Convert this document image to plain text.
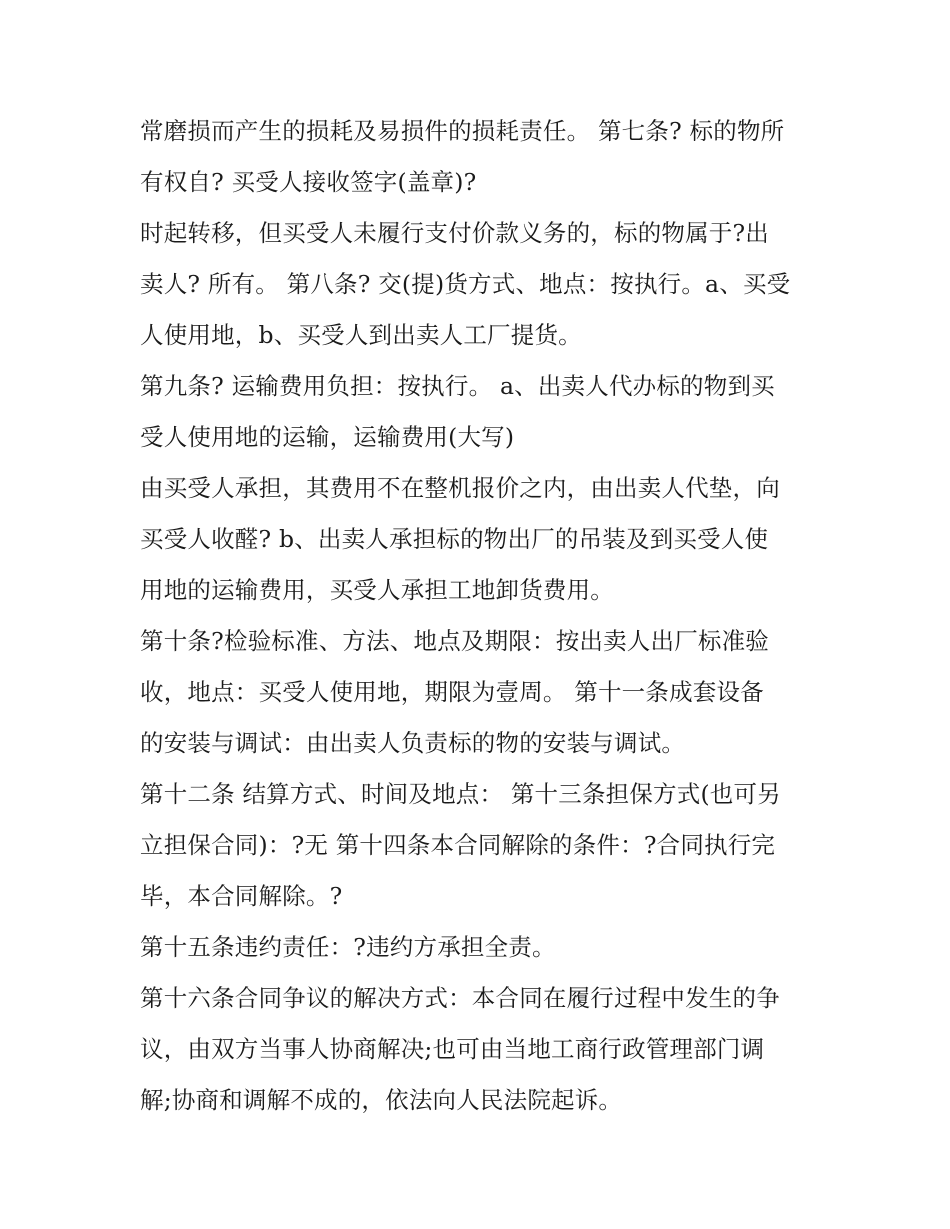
常磨损而产生的损耗及易损件的损耗责任。 第七条? 标的物所
有权自? 买受人接收签字(盖章)?
时起转移，但买受人未履行支付价款义务的，标的物属于?出
卖人? 所有。 第八条? 交(提)货方式、地点：按执行。a、买受
人使用地，b、买受人到出卖人工厂提货。
第九条? 运输费用负担：按执行。 a、出卖人代办标的物到买
受人使用地的运输，运输费用(大写)
由买受人承担，其费用不在整机报价之内，由出卖人代垫，向
买受人收醛? b、出卖人承担标的物出厂的吊装及到买受人使
用地的运输费用，买受人承担工地卸货费用。
第十条?检验标准、方法、地点及期限：按出卖人出厂标准验
收，地点：买受人使用地，期限为壹周。 第十一条成套设备
的安装与调试：由出卖人负责标的物的安装与调试。
第十二条 结算方式、时间及地点： 第十三条担保方式(也可另
立担保合同)：?无 第十四条本合同解除的条件：?合同执行完
毕，本合同解除。?
第十五条违约责任：?违约方承担全责。
第十六条合同争议的解决方式：本合同在履行过程中发生的争
议，由双方当事人协商解决;也可由当地工商行政管理部门调
解;协商和调解不成的，依法向人民法院起诉。
